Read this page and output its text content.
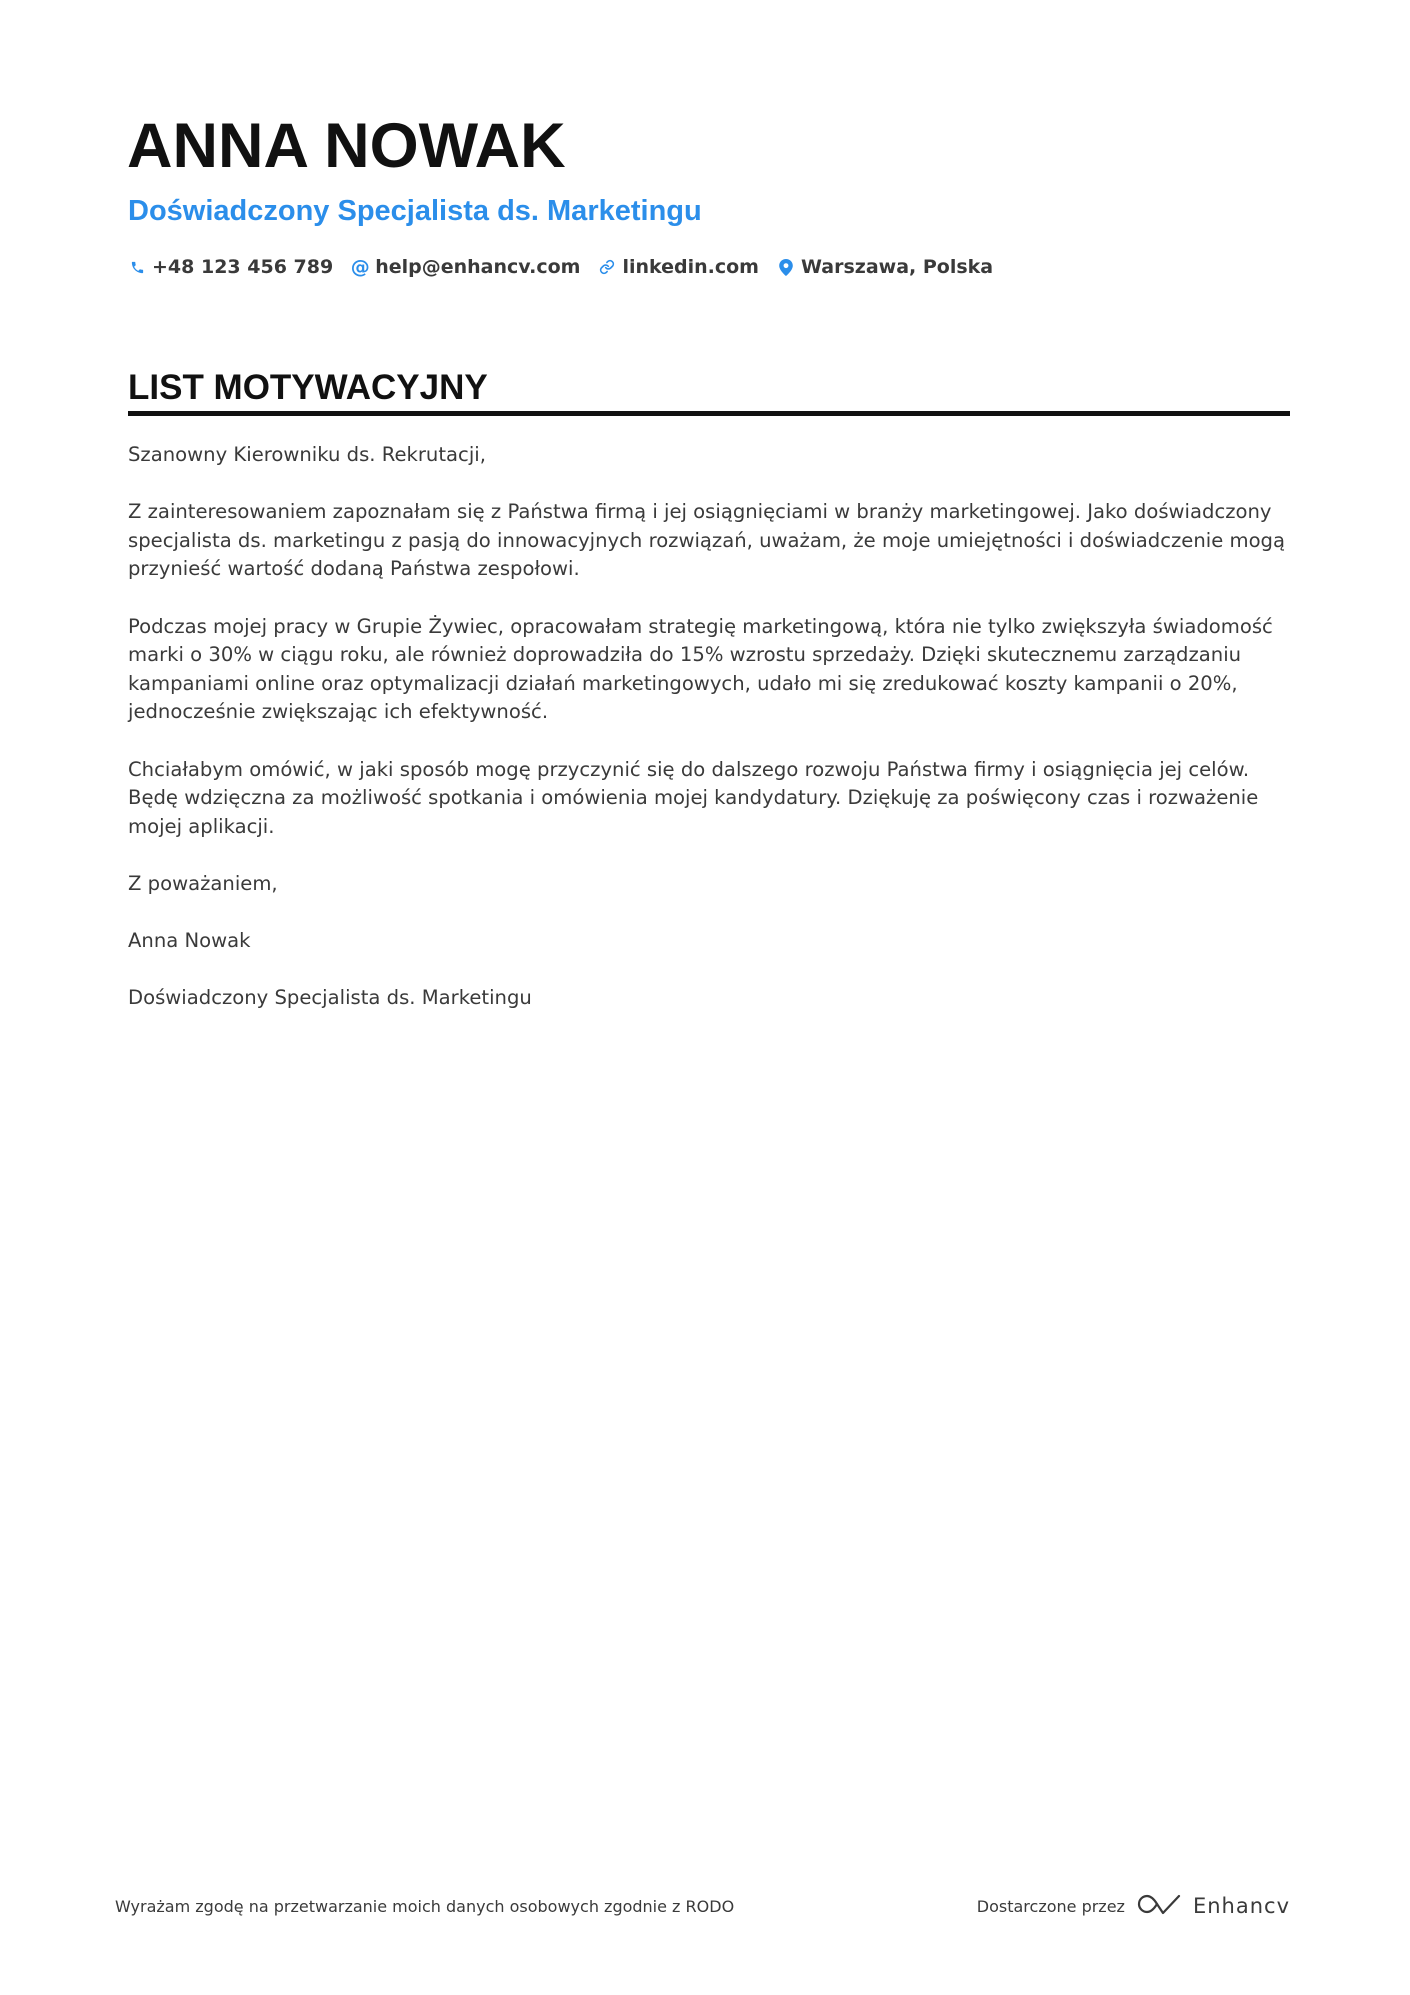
ANNA NOWAK
Doświadczony Specjalista ds. Marketingu
+48 123 456 789 @ help@enhancv.com linkedin.com Warszawa, Polska
LIST MOTYWACYJNY

Szanowny Kierowniku ds. Rekrutacji,

Z zainteresowaniem zapoznałam się z Państwa firmą i jej osiągnięciami w branży marketingowej. Jako doświadczony specjalista ds. marketingu z pasją do innowacyjnych rozwiązań, uważam, że moje umiejętności i doświadczenie mogą przynieść wartość dodaną Państwa zespołowi.

Podczas mojej pracy w Grupie Żywiec, opracowałam strategię marketingową, która nie tylko zwiększyła świadomość marki o 30% w ciągu roku, ale również doprowadziła do 15% wzrostu sprzedaży. Dzięki skutecznemu zarządzaniu kampaniami online oraz optymalizacji działań marketingowych, udało mi się zredukować koszty kampanii o 20%, jednocześnie zwiększając ich efektywność.

Chciałabym omówić, w jaki sposób mogę przyczynić się do dalszego rozwoju Państwa firmy i osiągnięcia jej celów. Będę wdzięczna za możliwość spotkania i omówienia mojej kandydatury. Dziękuję za poświęcony czas i rozważenie mojej aplikacji.

Z poważaniem,

Anna Nowak

Doświadczony Specjalista ds. Marketingu

Wyrażam zgodę na przetwarzanie moich danych osobowych zgodnie z RODO	Dostarczone przez	Enhancv
